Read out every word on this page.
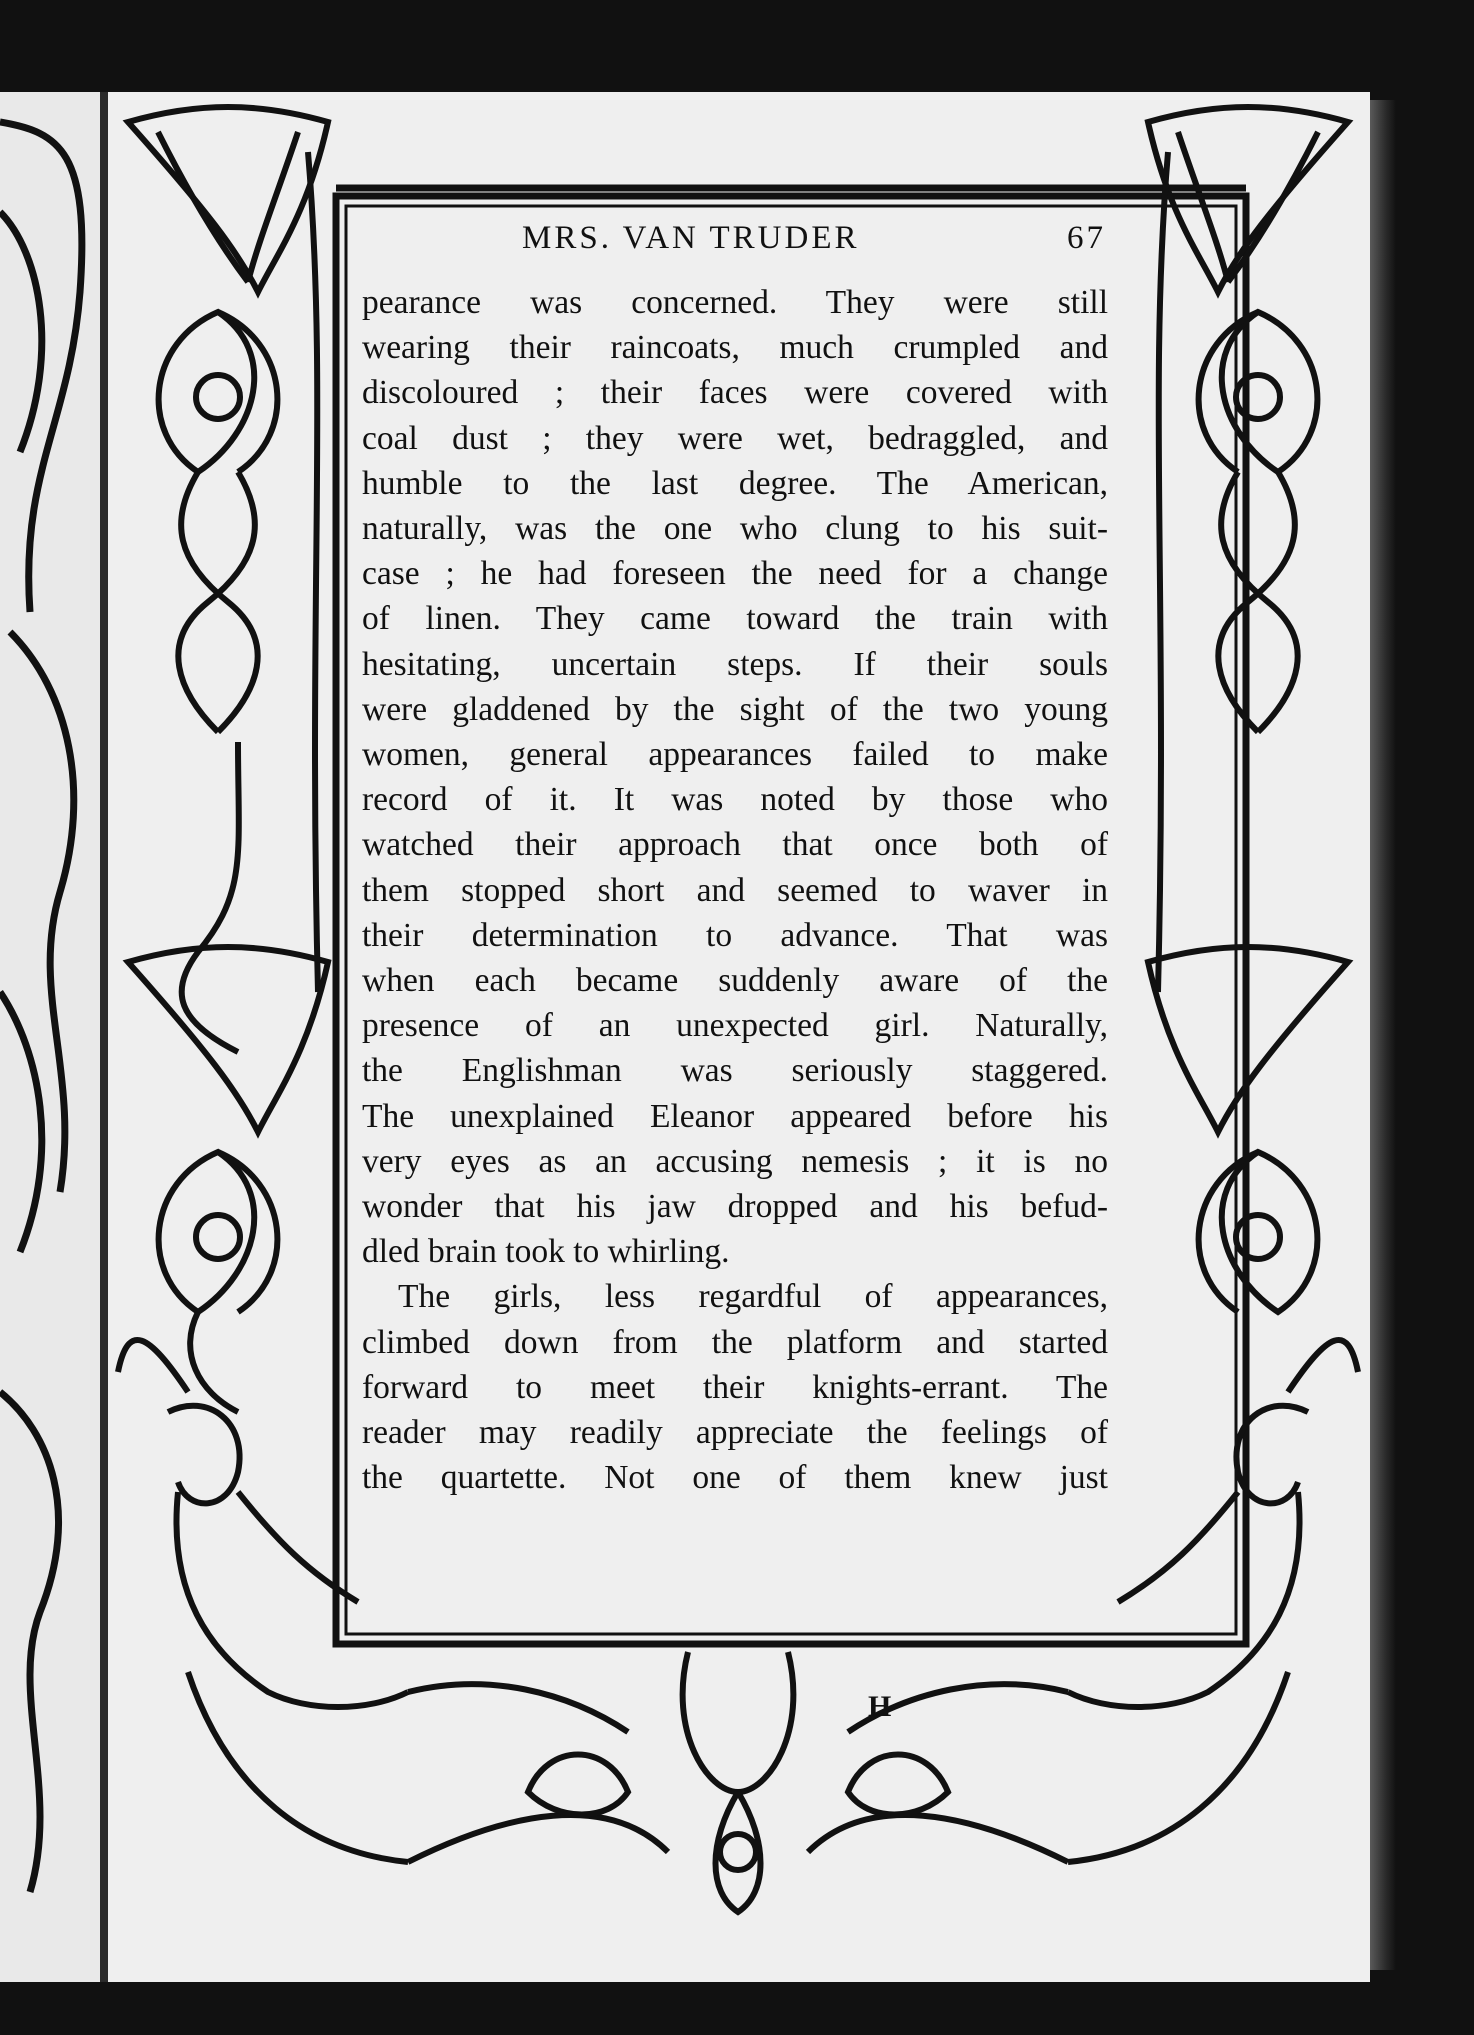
MRS. VAN TRUDER	67
pearance was concerned. They were still
wearing their raincoats, much crumpled and
discoloured ; their faces were covered with
coal dust ; they were wet, bedraggled, and
humble to the last degree. The American,
naturally, was the one who clung to his suit-
case ; he had foreseen the need for a change
of linen. They came toward the train with
hesitating, uncertain steps. If their souls
were gladdened by the sight of the two young
women, general appearances failed to make
record of it. It was noted by those who
watched their approach that once both of
them stopped short and seemed to waver in
their determination to advance. That was
when each became suddenly aware of the
presence of an unexpected girl. Naturally,
the Englishman was seriously staggered.
The unexplained Eleanor appeared before his
very eyes as an accusing nemesis ; it is no
wonder that his jaw dropped and his befud-
dled brain took to whirling.
The girls, less regardful of appearances,
climbed down from the platform and started
forward to meet their knights-errant. The
reader may readily appreciate the feelings of
the quartette. Not one of them knew just
H
